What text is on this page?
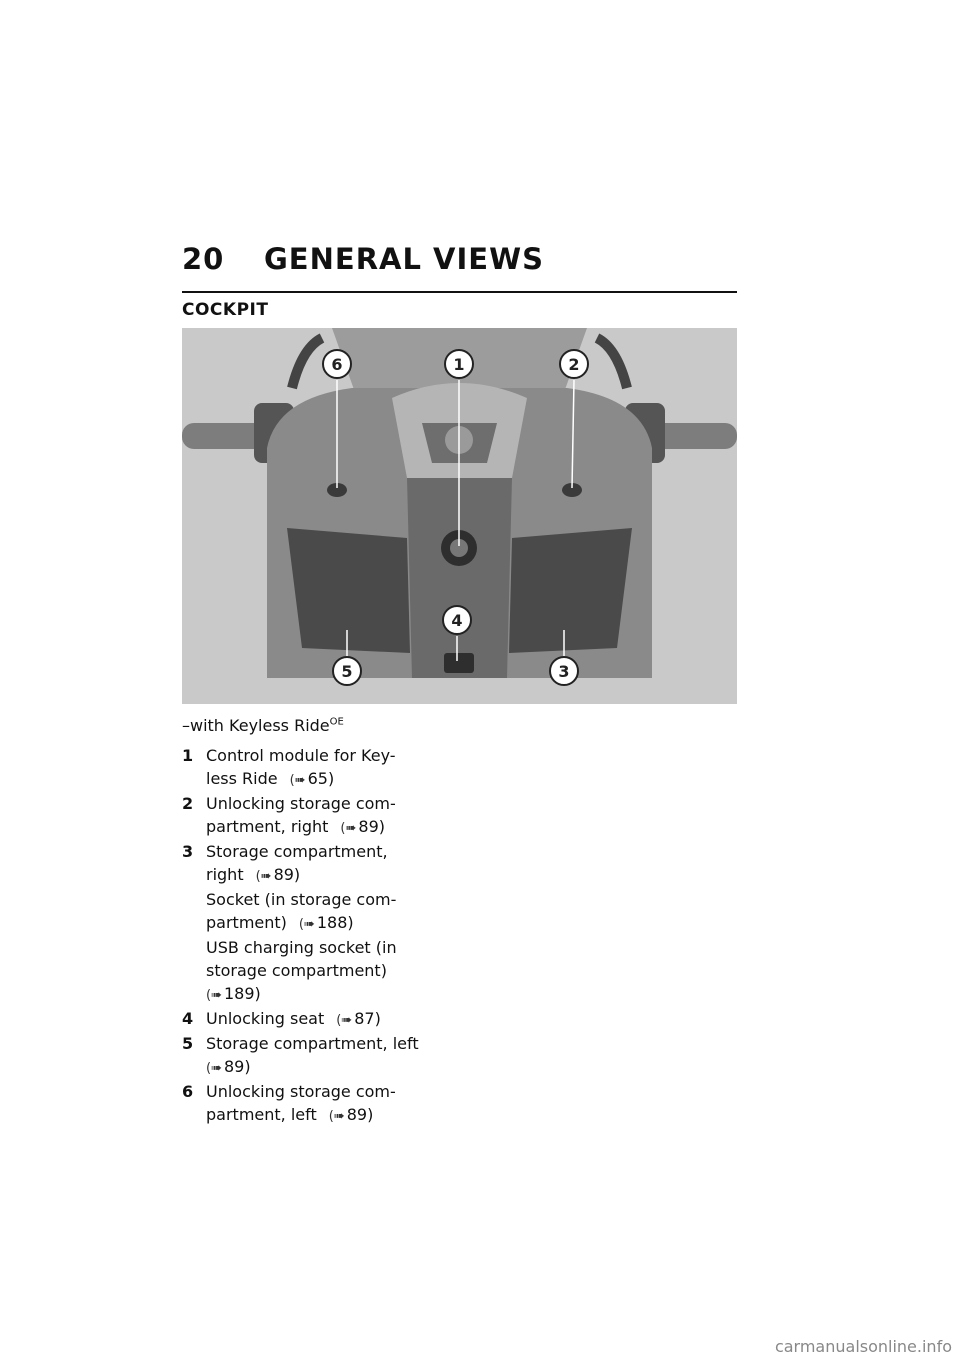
20 GENERAL VIEWS
COCKPIT
6	1	2
4
5	3
–with Keyless Ride$^{OE}$
1 Control module for Key-
less Ride (➠ 65)
2 Unlocking storage com-
partment, right (➠ 89)
3 Storage compartment,
right (➠ 89)
Socket (in storage com-
partment) (➠ 188)
USB charging socket (in
storage compartment)
(➠ 189)
4 Unlocking seat (➠ 87)
5 Storage compartment, left
(➠ 89)
6 Unlocking storage com-
partment, left (➠ 89)
carmanualsonline.info
